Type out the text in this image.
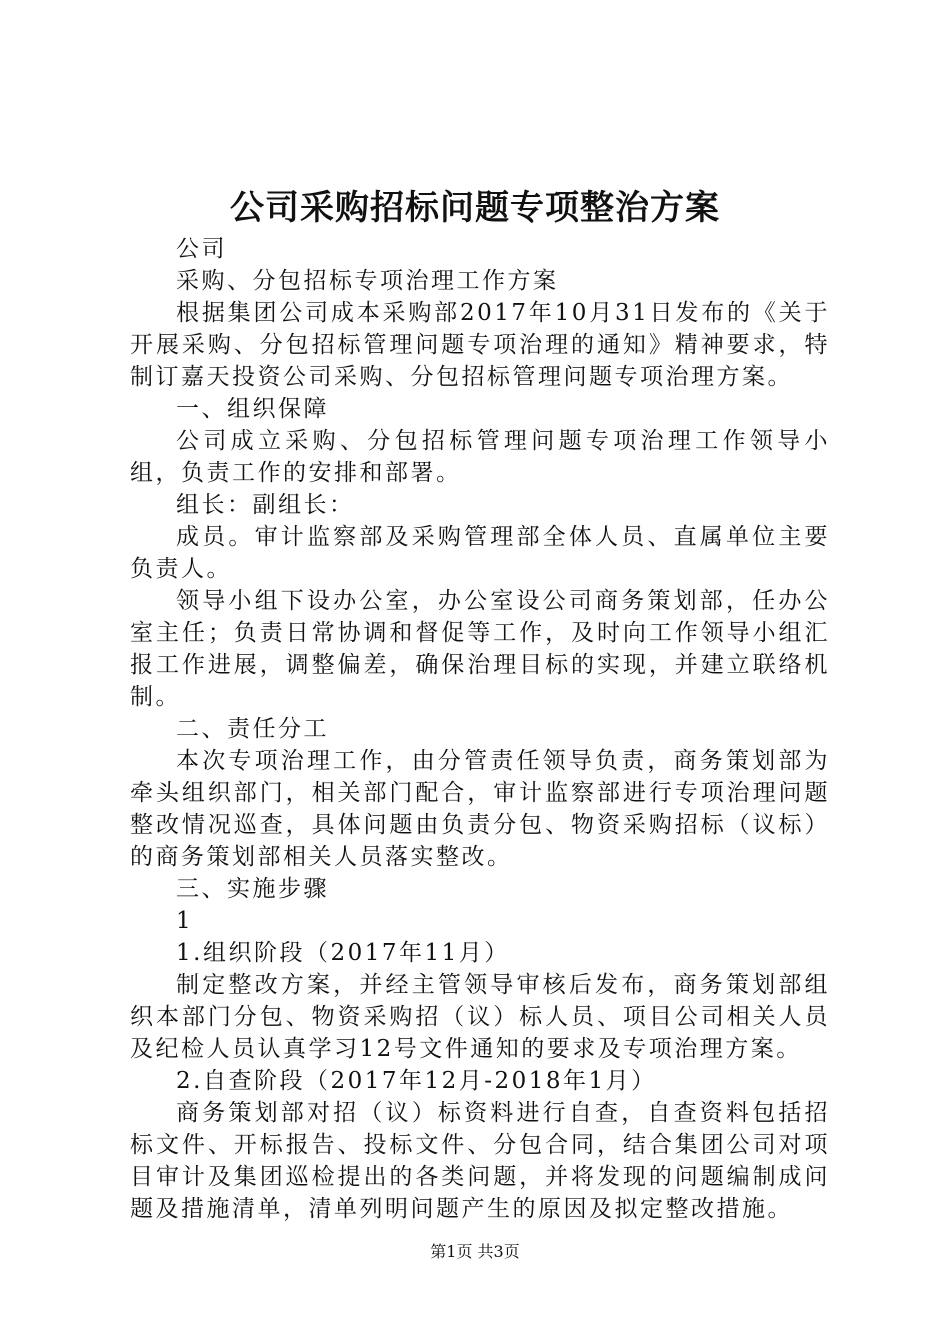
公司采购招标问题专项整治方案

公司

采购、分包招标专项治理工作方案

根据集团公司成本采购部2017年10月31日发布的《关于开展采购、分包招标管理问题专项治理的通知》精神要求，特制订嘉天投资公司采购、分包招标管理问题专项治理方案。

一、组织保障

公司成立采购、分包招标管理问题专项治理工作领导小组，负责工作的安排和部署。

组长：副组长：

成员。审计监察部及采购管理部全体人员、直属单位主要负责人。

领导小组下设办公室，办公室设公司商务策划部，任办公室主任；负责日常协调和督促等工作，及时向工作领导小组汇报工作进展，调整偏差，确保治理目标的实现，并建立联络机制。

二、责任分工

本次专项治理工作，由分管责任领导负责，商务策划部为牵头组织部门，相关部门配合，审计监察部进行专项治理问题整改情况巡查，具体问题由负责分包、物资采购招标（议标）的商务策划部相关人员落实整改。

三、实施步骤

1

1.组织阶段（2017年11月）

制定整改方案，并经主管领导审核后发布，商务策划部组织本部门分包、物资采购招（议）标人员、项目公司相关人员及纪检人员认真学习12号文件通知的要求及专项治理方案。

2.自查阶段（2017年12月-2018年1月）

商务策划部对招（议）标资料进行自查，自查资料包括招标文件、开标报告、投标文件、分包合同，结合集团公司对项目审计及集团巡检提出的各类问题，并将发现的问题编制成问题及措施清单，清单列明问题产生的原因及拟定整改措施。

第1页 共3页
